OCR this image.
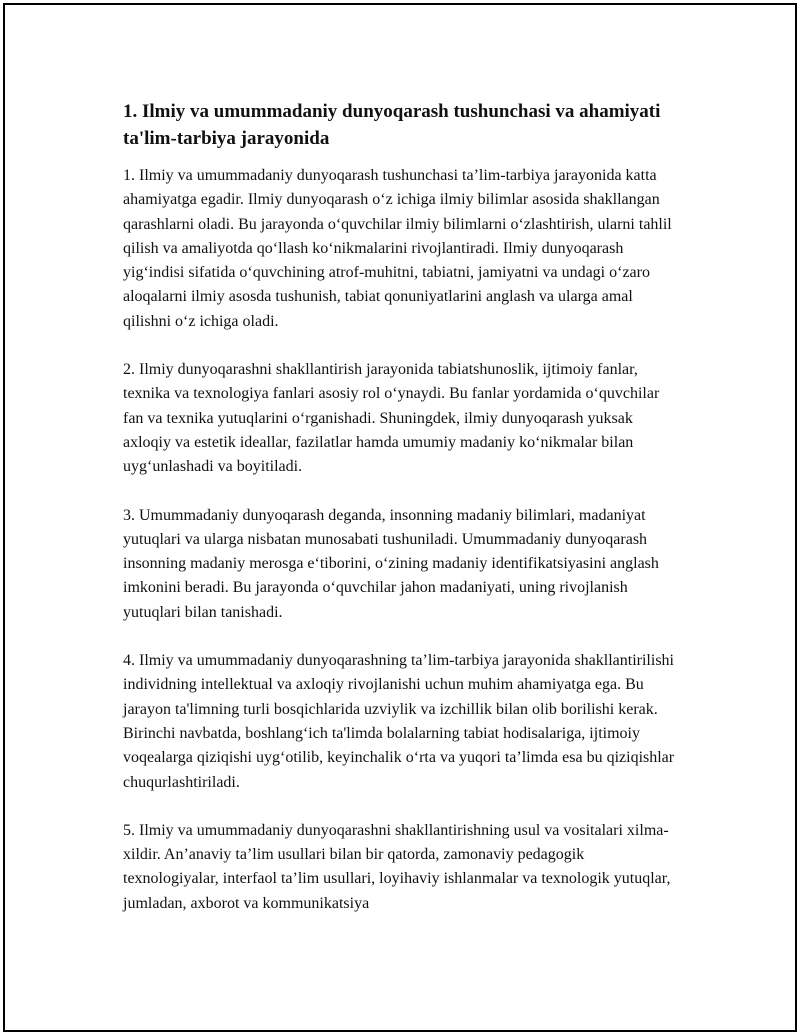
1. Ilmiy va umummadaniy dunyoqarash tushunchasi va ahamiyati ta'lim-tarbiya jarayonida

1. Ilmiy va umummadaniy dunyoqarash tushunchasi ta’lim-tarbiya jarayonida katta ahamiyatga egadir. Ilmiy dunyoqarash o‘z ichiga ilmiy bilimlar asosida shakllangan qarashlarni oladi. Bu jarayonda o‘quvchilar ilmiy bilimlarni o‘zlashtirish, ularni tahlil qilish va amaliyotda qo‘llash ko‘nikmalarini rivojlantiradi. Ilmiy dunyoqarash yig‘indisi sifatida o‘quvchining atrof-muhitni, tabiatni, jamiyatni va undagi o‘zaro aloqalarni ilmiy asosda tushunish, tabiat qonuniyatlarini anglash va ularga amal qilishni o‘z ichiga oladi.

2. Ilmiy dunyoqarashni shakllantirish jarayonida tabiatshunoslik, ijtimoiy fanlar, texnika va texnologiya fanlari asosiy rol o‘ynaydi. Bu fanlar yordamida o‘quvchilar fan va texnika yutuqlarini o‘rganishadi. Shuningdek, ilmiy dunyoqarash yuksak axloqiy va estetik ideallar, fazilatlar hamda umumiy madaniy ko‘nikmalar bilan uyg‘unlashadi va boyitiladi.

3. Umummadaniy dunyoqarash deganda, insonning madaniy bilimlari, madaniyat yutuqlari va ularga nisbatan munosabati tushuniladi. Umummadaniy dunyoqarash insonning madaniy merosga e‘tiborini, o‘zining madaniy identifikatsiyasini anglash imkonini beradi. Bu jarayonda o‘quvchilar jahon madaniyati, uning rivojlanish yutuqlari bilan tanishadi.

4. Ilmiy va umummadaniy dunyoqarashning ta’lim-tarbiya jarayonida shakllantirilishi individning intellektual va axloqiy rivojlanishi uchun muhim ahamiyatga ega. Bu jarayon ta'limning turli bosqichlarida uzviylik va izchillik bilan olib borilishi kerak. Birinchi navbatda, boshlang‘ich ta'limda bolalarning tabiat hodisalariga, ijtimoiy voqealarga qiziqishi uyg‘otilib, keyinchalik o‘rta va yuqori ta’limda esa bu qiziqishlar chuqurlashtiriladi.

5. Ilmiy va umummadaniy dunyoqarashni shakllantirishning usul va vositalari xilma-xildir. An’anaviy ta’lim usullari bilan bir qatorda, zamonaviy pedagogik texnologiyalar, interfaol ta’lim usullari, loyihaviy ishlanmalar va texnologik yutuqlar, jumladan, axborot va kommunikatsiya
